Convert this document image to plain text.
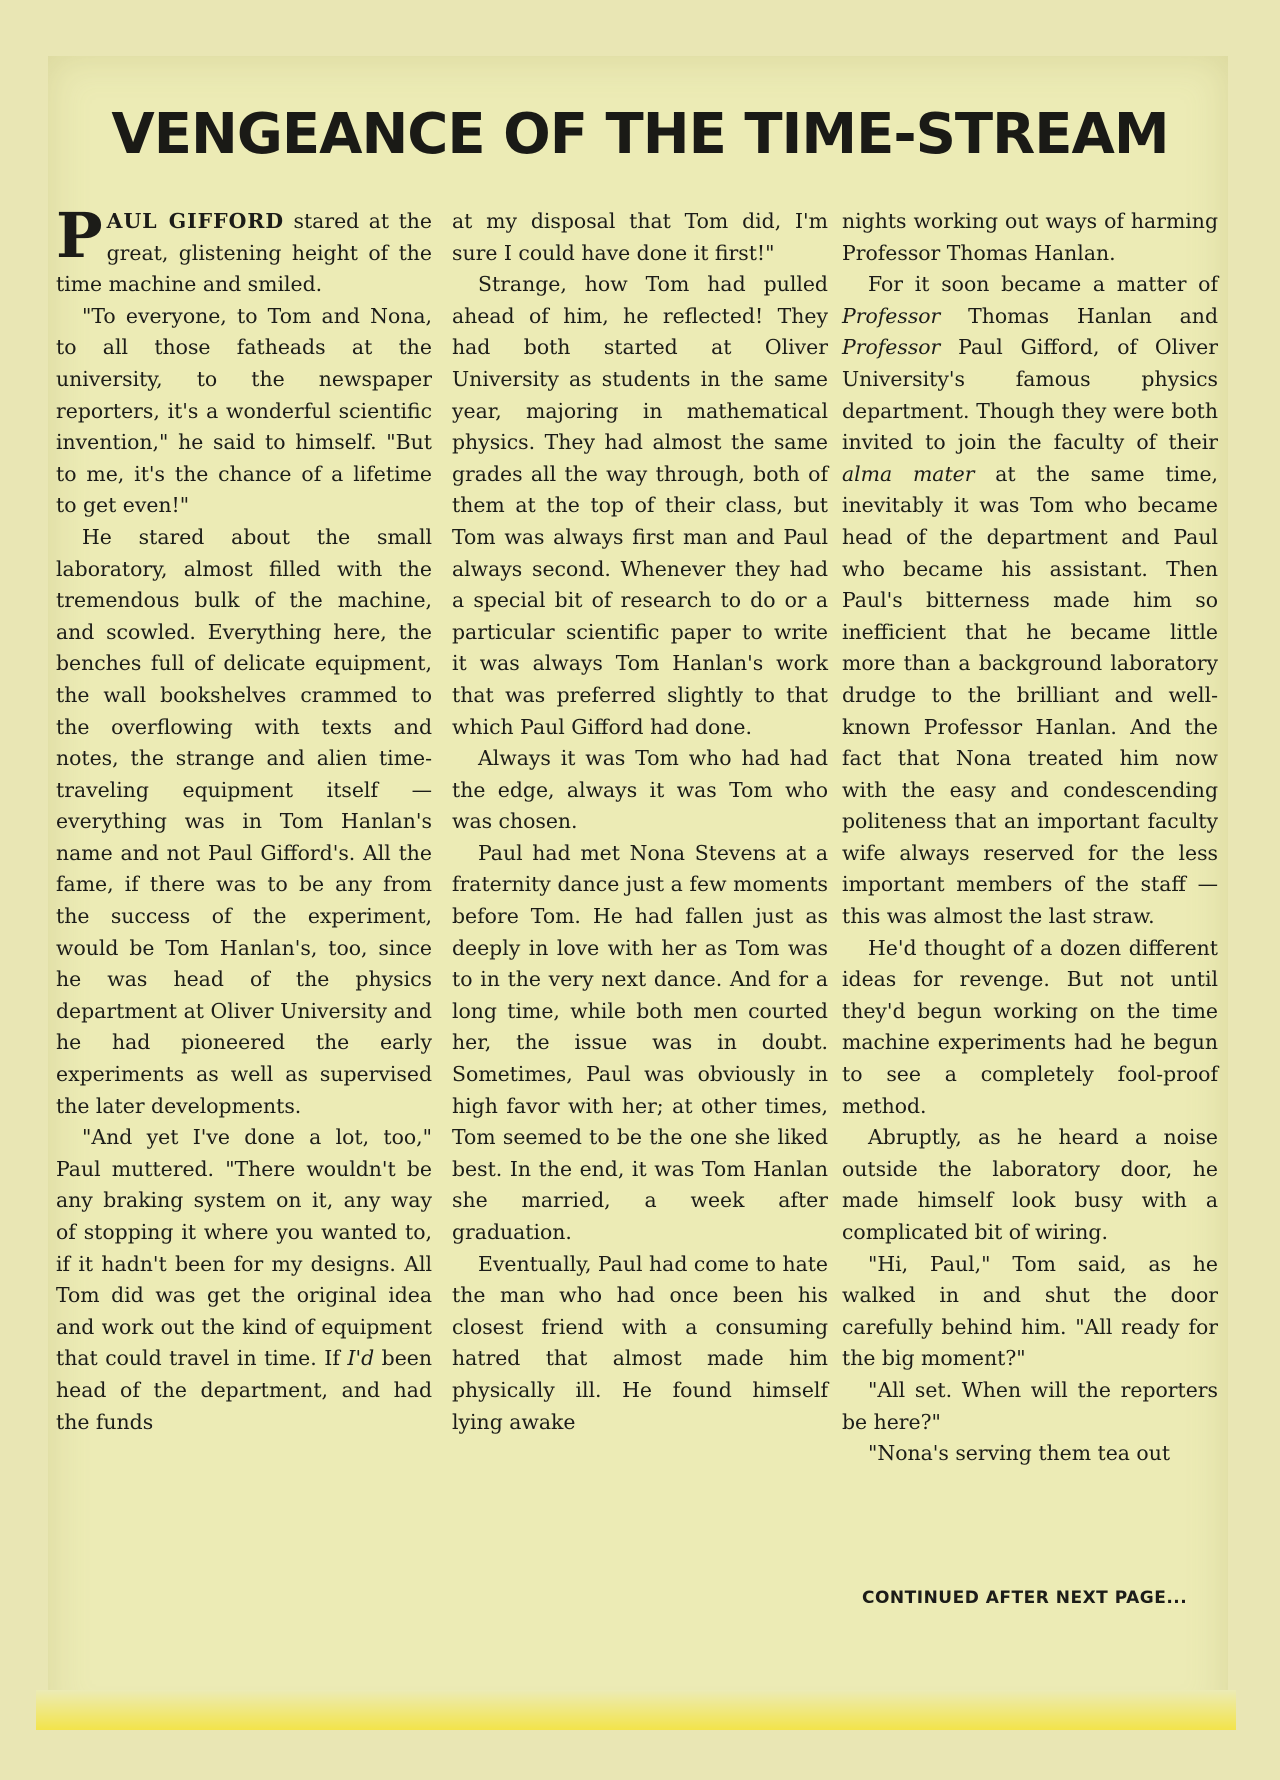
VENGEANCE OF THE TIME-STREAM

PAUL GIFFORD stared at the great, glistening height of the time machine and smiled.

"To everyone, to Tom and Nona, to all those fatheads at the university, to the newspaper reporters, it's a wonderful scientific invention," he said to himself. "But to me, it's the chance of a lifetime to get even!"

He stared about the small laboratory, almost filled with the tremendous bulk of the machine, and scowled. Everything here, the benches full of delicate equipment, the wall bookshelves crammed to the overflowing with texts and notes, the strange and alien time-traveling equipment itself — everything was in Tom Hanlan's name and not Paul Gifford's. All the fame, if there was to be any from the success of the experiment, would be Tom Hanlan's, too, since he was head of the physics department at Oliver University and he had pioneered the early experiments as well as supervised the later developments.

"And yet I've done a lot, too," Paul muttered. "There wouldn't be any braking system on it, any way of stopping it where you wanted to, if it hadn't been for my designs. All Tom did was get the original idea and work out the kind of equipment that could travel in time. If I'd been head of the department, and had the funds

at my disposal that Tom did, I'm sure I could have done it first!"

Strange, how Tom had pulled ahead of him, he reflected! They had both started at Oliver University as students in the same year, majoring in mathematical physics. They had almost the same grades all the way through, both of them at the top of their class, but Tom was always first man and Paul always second. Whenever they had a special bit of research to do or a particular scientific paper to write it was always Tom Hanlan's work that was preferred slightly to that which Paul Gifford had done.

Always it was Tom who had had the edge, always it was Tom who was chosen.

Paul had met Nona Stevens at a fraternity dance just a few moments before Tom. He had fallen just as deeply in love with her as Tom was to in the very next dance. And for a long time, while both men courted her, the issue was in doubt. Sometimes, Paul was obviously in high favor with her; at other times, Tom seemed to be the one she liked best. In the end, it was Tom Hanlan she married, a week after graduation.

Eventually, Paul had come to hate the man who had once been his closest friend with a consuming hatred that almost made him physically ill. He found himself lying awake

nights working out ways of harming Professor Thomas Hanlan.

For it soon became a matter of Professor Thomas Hanlan and Professor Paul Gifford, of Oliver University's famous physics department. Though they were both invited to join the faculty of their alma mater at the same time, inevitably it was Tom who became head of the department and Paul who became his assistant. Then Paul's bitterness made him so inefficient that he became little more than a background laboratory drudge to the brilliant and well-known Professor Hanlan. And the fact that Nona treated him now with the easy and condescending politeness that an important faculty wife always reserved for the less important members of the staff — this was almost the last straw.

He'd thought of a dozen different ideas for revenge. But not until they'd begun working on the time machine experiments had he begun to see a completely fool-proof method.

Abruptly, as he heard a noise outside the laboratory door, he made himself look busy with a complicated bit of wiring.

"Hi, Paul," Tom said, as he walked in and shut the door carefully behind him. "All ready for the big moment?"

"All set. When will the reporters be here?"

"Nona's serving them tea out

CONTINUED AFTER NEXT PAGE...
